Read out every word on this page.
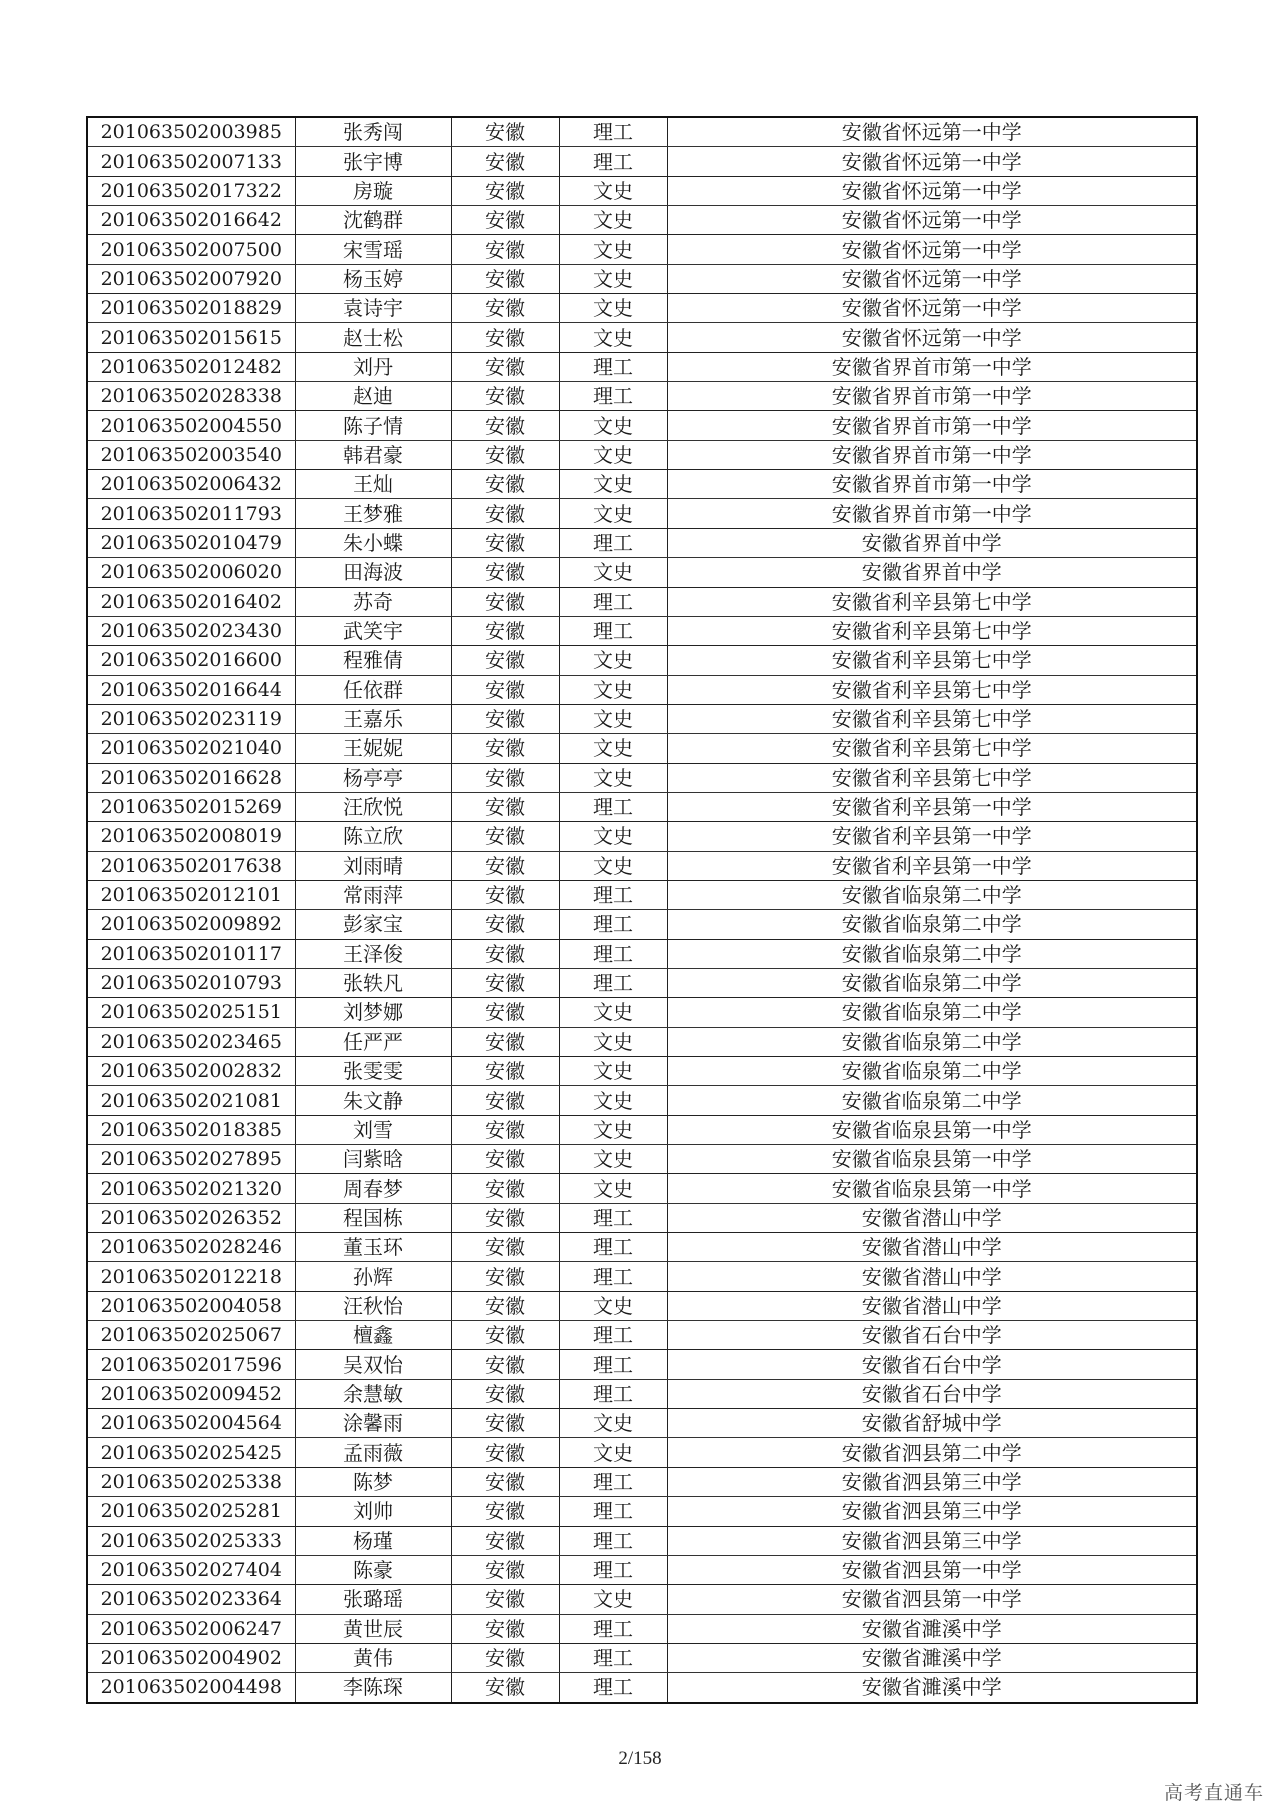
201063502003985	张秀闯	安徽	理工	安徽省怀远第一中学
201063502007133	张宇博	安徽	理工	安徽省怀远第一中学
201063502017322	房璇	安徽	文史	安徽省怀远第一中学
201063502016642	沈鹤群	安徽	文史	安徽省怀远第一中学
201063502007500	宋雪瑶	安徽	文史	安徽省怀远第一中学
201063502007920	杨玉婷	安徽	文史	安徽省怀远第一中学
201063502018829	袁诗宇	安徽	文史	安徽省怀远第一中学
201063502015615	赵士松	安徽	文史	安徽省怀远第一中学
201063502012482	刘丹	安徽	理工	安徽省界首市第一中学
201063502028338	赵迪	安徽	理工	安徽省界首市第一中学
201063502004550	陈子情	安徽	文史	安徽省界首市第一中学
201063502003540	韩君豪	安徽	文史	安徽省界首市第一中学
201063502006432	王灿	安徽	文史	安徽省界首市第一中学
201063502011793	王梦雅	安徽	文史	安徽省界首市第一中学
201063502010479	朱小蝶	安徽	理工	安徽省界首中学
201063502006020	田海波	安徽	文史	安徽省界首中学
201063502016402	苏奇	安徽	理工	安徽省利辛县第七中学
201063502023430	武笑宇	安徽	理工	安徽省利辛县第七中学
201063502016600	程雅倩	安徽	文史	安徽省利辛县第七中学
201063502016644	任依群	安徽	文史	安徽省利辛县第七中学
201063502023119	王嘉乐	安徽	文史	安徽省利辛县第七中学
201063502021040	王妮妮	安徽	文史	安徽省利辛县第七中学
201063502016628	杨亭亭	安徽	文史	安徽省利辛县第七中学
201063502015269	汪欣悦	安徽	理工	安徽省利辛县第一中学
201063502008019	陈立欣	安徽	文史	安徽省利辛县第一中学
201063502017638	刘雨晴	安徽	文史	安徽省利辛县第一中学
201063502012101	常雨萍	安徽	理工	安徽省临泉第二中学
201063502009892	彭家宝	安徽	理工	安徽省临泉第二中学
201063502010117	王泽俊	安徽	理工	安徽省临泉第二中学
201063502010793	张轶凡	安徽	理工	安徽省临泉第二中学
201063502025151	刘梦娜	安徽	文史	安徽省临泉第二中学
201063502023465	任严严	安徽	文史	安徽省临泉第二中学
201063502002832	张雯雯	安徽	文史	安徽省临泉第二中学
201063502021081	朱文静	安徽	文史	安徽省临泉第二中学
201063502018385	刘雪	安徽	文史	安徽省临泉县第一中学
201063502027895	闫紫晗	安徽	文史	安徽省临泉县第一中学
201063502021320	周春梦	安徽	文史	安徽省临泉县第一中学
201063502026352	程国栋	安徽	理工	安徽省潜山中学
201063502028246	董玉环	安徽	理工	安徽省潜山中学
201063502012218	孙辉	安徽	理工	安徽省潜山中学
201063502004058	汪秋怡	安徽	文史	安徽省潜山中学
201063502025067	檀鑫	安徽	理工	安徽省石台中学
201063502017596	吴双怡	安徽	理工	安徽省石台中学
201063502009452	余慧敏	安徽	理工	安徽省石台中学
201063502004564	涂馨雨	安徽	文史	安徽省舒城中学
201063502025425	孟雨薇	安徽	文史	安徽省泗县第二中学
201063502025338	陈梦	安徽	理工	安徽省泗县第三中学
201063502025281	刘帅	安徽	理工	安徽省泗县第三中学
201063502025333	杨瑾	安徽	理工	安徽省泗县第三中学
201063502027404	陈豪	安徽	理工	安徽省泗县第一中学
201063502023364	张璐瑶	安徽	文史	安徽省泗县第一中学
201063502006247	黄世辰	安徽	理工	安徽省濉溪中学
201063502004902	黄伟	安徽	理工	安徽省濉溪中学
201063502004498	李陈琛	安徽	理工	安徽省濉溪中学
2/158
高考直通车
